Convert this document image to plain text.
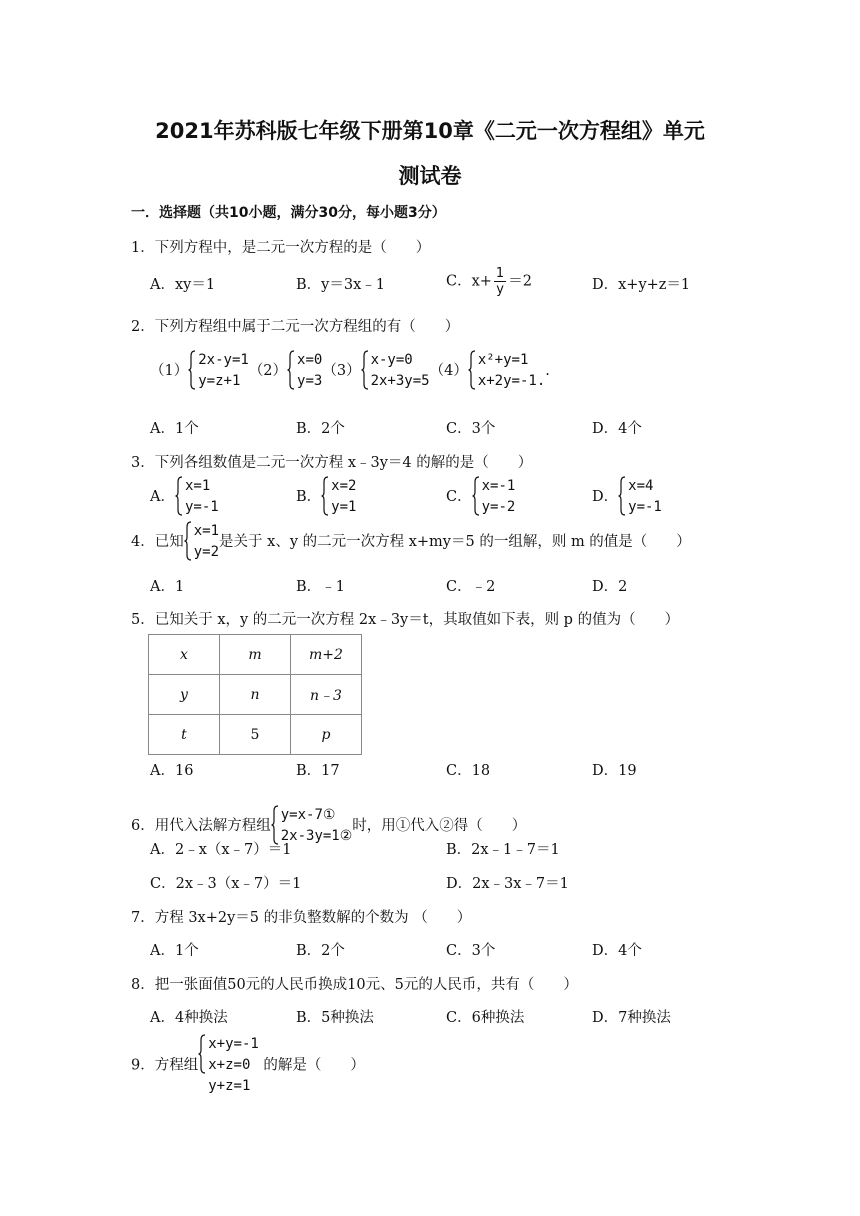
2021年苏科版七年级下册第10章《二元一次方程组》单元
测试卷
一．选择题（共10小题，满分30分，每小题3分）
1．下列方程中，是二元一次方程的是（　　）
A．xy＝1	B．y＝3x﹣1	C．$x+ \frac{1}{y} =2$	D．x+y+z＝1
2．下列方程组中属于二元一次方程组的有（　　）
（1）
2x-y=1
y=z+1
（2）
x=0
y=3
（3）
x-y=0
2x+3y=5
（4）
x²+y=1
x+2y=-1.
.
A．1个	B．2个	C．3个	D．4个
3．下列各组数值是二元一次方程 x﹣3y＝4 的解的是（　　）
A．
x=1
y=-1
B．
x=2
y=1
C．
x=-1
y=-2
D．
x=4
y=-1
4．已知
x=1
y=2
是关于 x、y 的二元一次方程 x+my＝5 的一组解，则 m 的值是（　　）
A．1	B．﹣1	C．﹣2	D．2
5．已知关于 x，y 的二元一次方程 2x﹣3y＝t，其取值如下表，则 p 的值为（　　）
x	m	m+2
y	n	n﹣3
t	5	p
A．16	B．17	C．18	D．19
6．用代入法解方程组
y=x-7①
2x-3y=1②
时，用①代入②得（　　）
A．2﹣x（x﹣7）＝1	B．2x﹣1﹣7＝1
C．2x﹣3（x﹣7）＝1	D．2x﹣3x﹣7＝1
7．方程 3x+2y＝5 的非负整数解的个数为 （　　）
A．1个	B．2个	C．3个	D．4个
8．把一张面值50元的人民币换成10元、5元的人民币，共有（　　）
A．4种换法	B．5种换法	C．6种换法	D．7种换法
9．方程组
x+y=-1
x+z=0
y+z=1
的解是（　　）
